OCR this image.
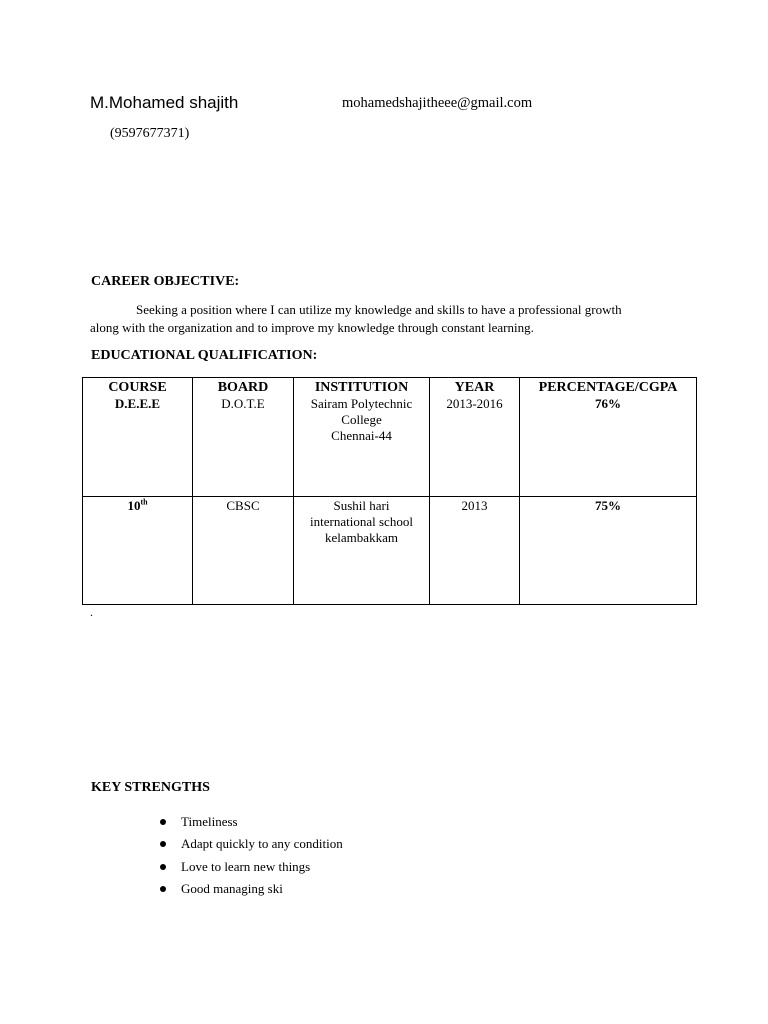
M.Mohamed shajith	mohamedshajitheee@gmail.com
(9597677371)
CAREER OBJECTIVE:
Seeking a position where I can utilize my knowledge and skills to have a professional growth
along with the organization and to improve my knowledge through constant learning.
EDUCATIONAL QUALIFICATION:
COURSE	BOARD	INSTITUTION	YEAR	PERCENTAGE/CGPA
D.E.E.E	D.O.T.E	Sairam Polytechnic
College
Chennai-44	2013-2016	76%
10th	CBSC	Sushil hari
international school
kelambakkam	2013	75%
.
KEY STRENGTHS
Timeliness
Adapt quickly to any condition
Love to learn new things
Good managing ski
